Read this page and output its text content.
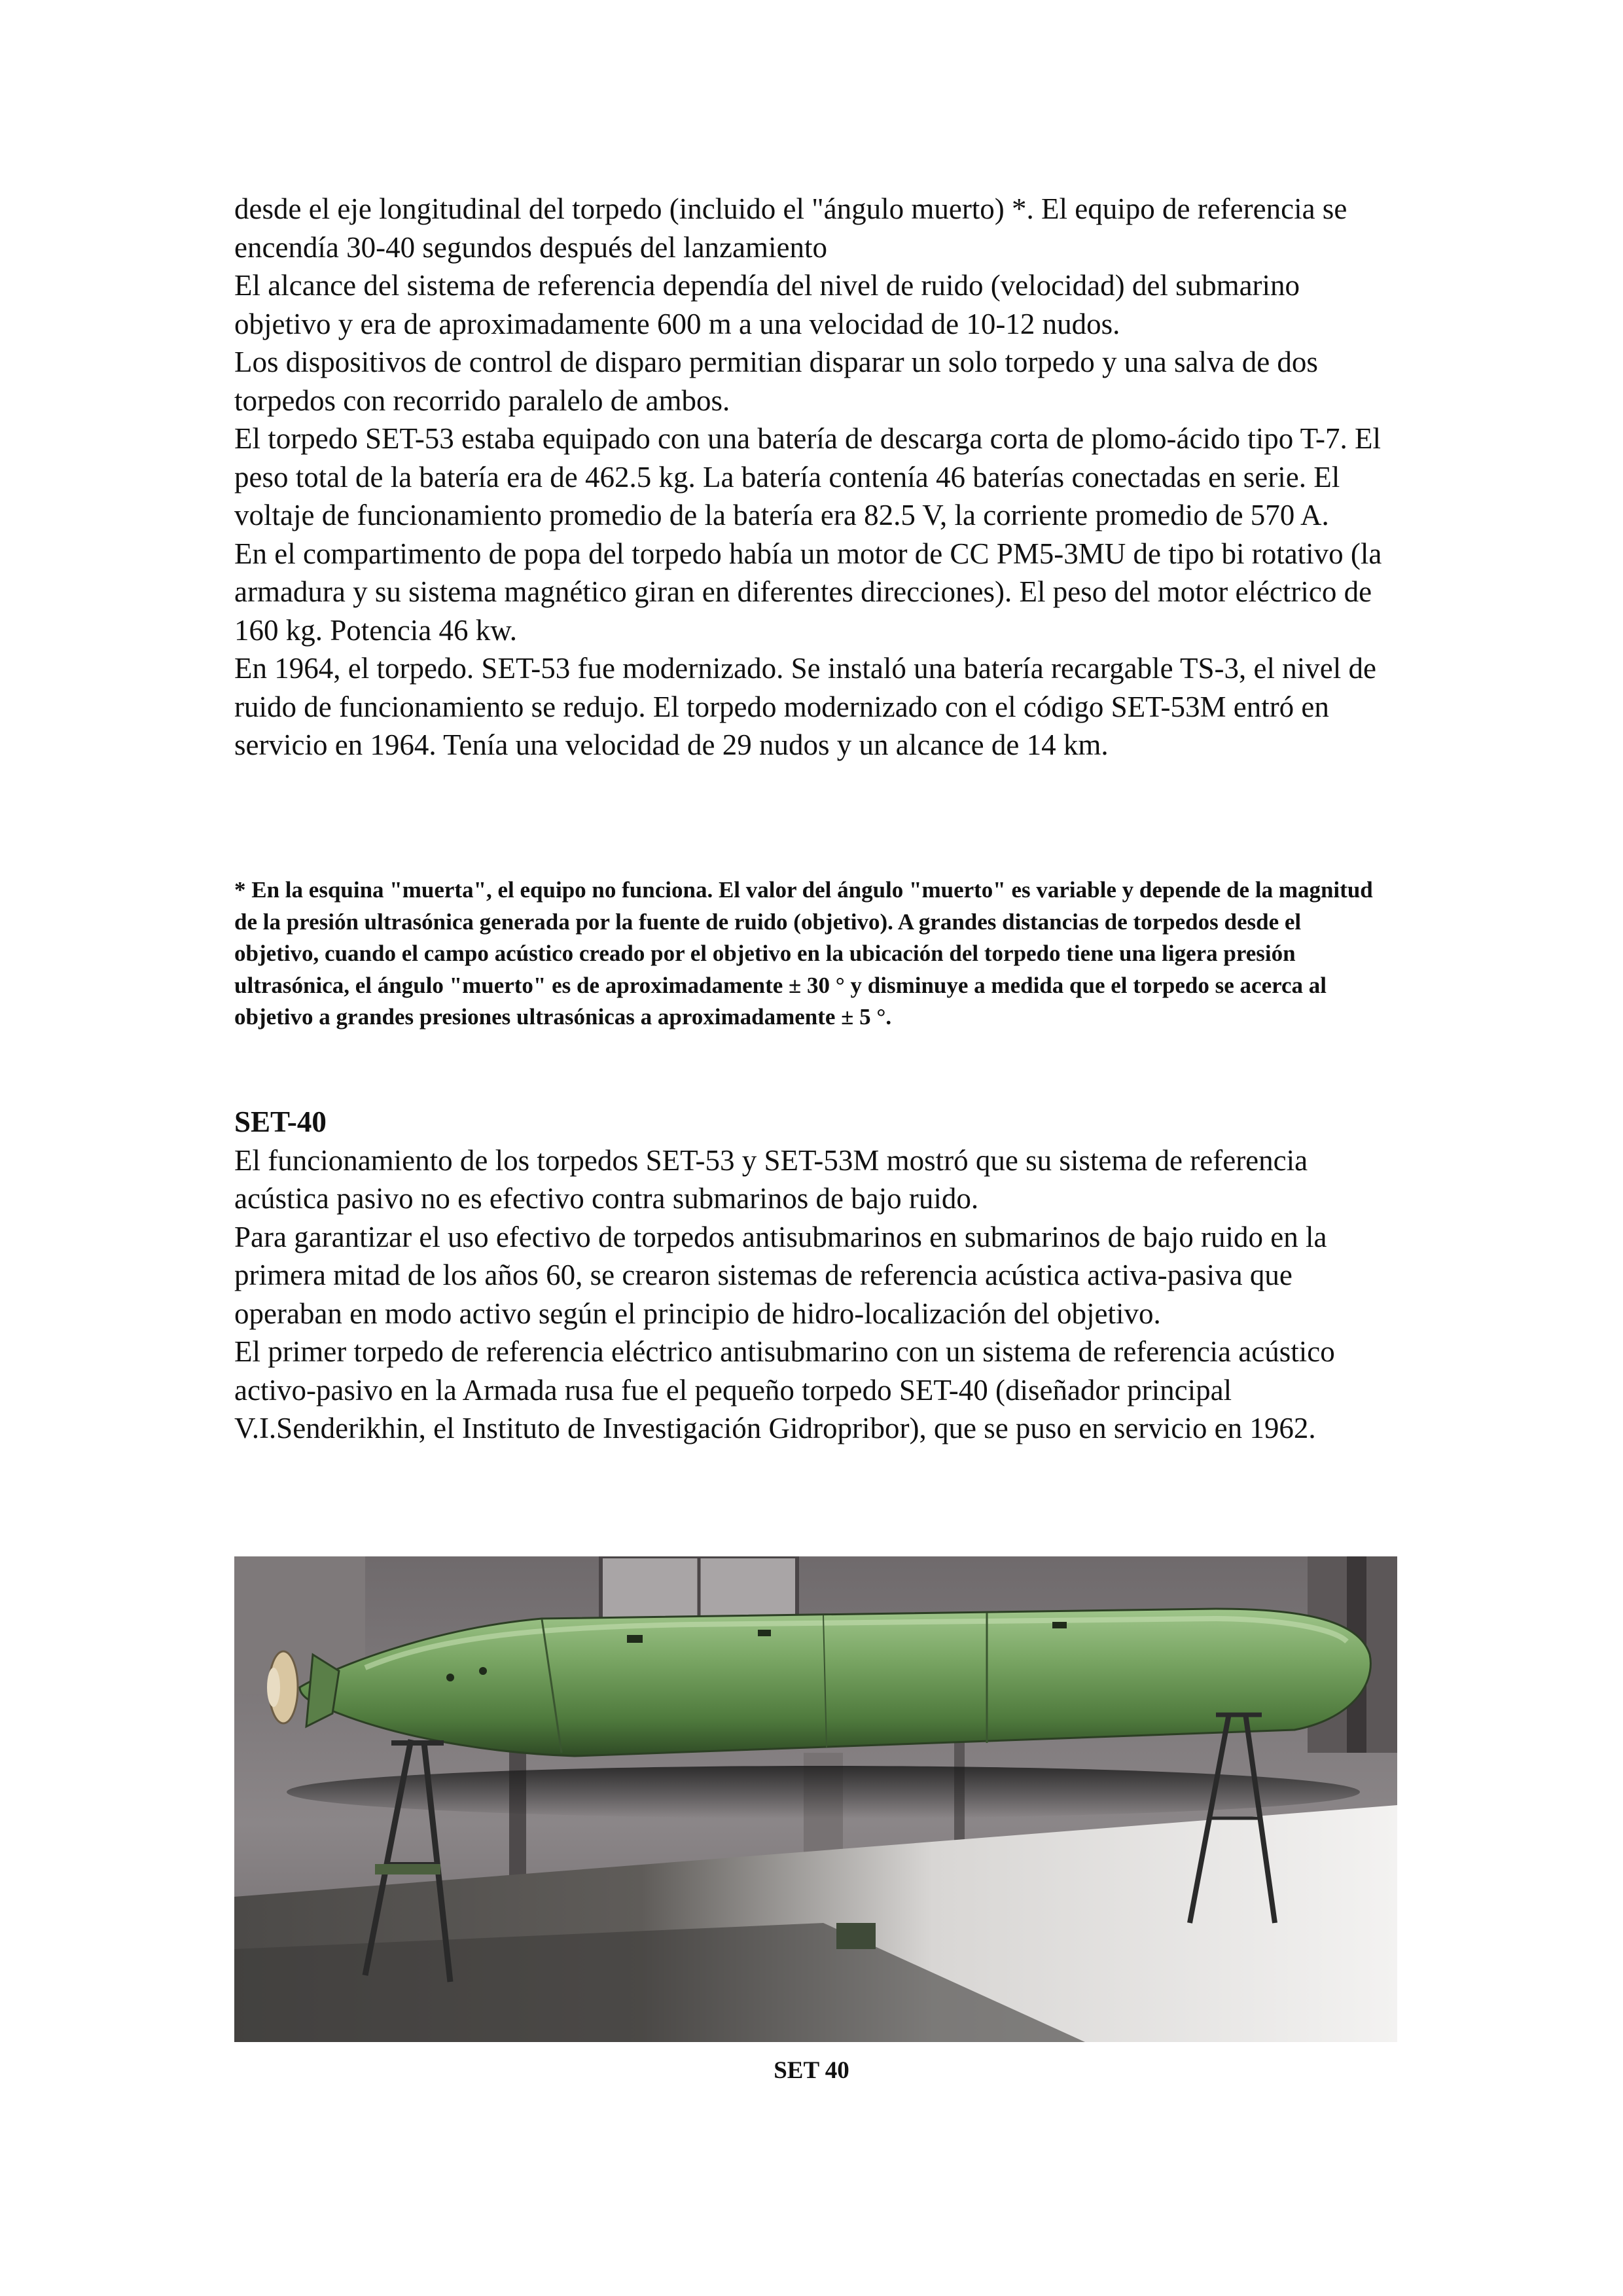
desde el eje longitudinal del torpedo (incluido el "ángulo muerto) *. El equipo de referencia se encendía 30-40 segundos después del lanzamiento

El alcance del sistema de referencia dependía del nivel de ruido (velocidad) del submarino objetivo y era de aproximadamente 600 m a una velocidad de 10-12 nudos.

Los dispositivos de control de disparo permitian disparar un solo torpedo y una salva de dos torpedos con recorrido paralelo de ambos.

El torpedo SET-53 estaba equipado con una batería de descarga corta de plomo-ácido tipo T-7. El peso total de la batería era de 462.5 kg. La batería contenía 46 baterías conectadas en serie. El voltaje de funcionamiento promedio de la batería era 82.5 V, la corriente promedio de 570 A.

En el compartimento de popa del torpedo había un motor de CC PM5-3MU de tipo bi rotativo (la armadura y su sistema magnético giran en diferentes direcciones). El peso del motor eléctrico de 160 kg. Potencia 46 kw.

En 1964, el torpedo. SET-53 fue modernizado. Se instaló una batería recargable TS-3, el nivel de ruido de funcionamiento se redujo. El torpedo modernizado con el código SET-53M entró en servicio en 1964. Tenía una velocidad de 29 nudos y un alcance de 14 km.

* En la esquina "muerta", el equipo no funciona. El valor del ángulo "muerto" es variable y depende de la magnitud de la presión ultrasónica generada por la fuente de ruido (objetivo). A grandes distancias de torpedos desde el objetivo, cuando el campo acústico creado por el objetivo en la ubicación del torpedo tiene una ligera presión ultrasónica, el ángulo "muerto" es de aproximadamente ± 30 ° y disminuye a medida que el torpedo se acerca al objetivo a grandes presiones ultrasónicas a aproximadamente ± 5 °.

SET-40

El funcionamiento de los torpedos SET-53 y SET-53M mostró que su sistema de referencia acústica pasivo no es efectivo contra submarinos de bajo ruido.

Para garantizar el uso efectivo de torpedos antisubmarinos en submarinos de bajo ruido en la primera mitad de los años 60, se crearon sistemas de referencia acústica activa-pasiva que operaban en modo activo según el principio de hidro-localización del objetivo.

El primer torpedo de referencia eléctrico antisubmarino con un sistema de referencia acústico activo-pasivo en la Armada rusa fue el pequeño torpedo SET-40 (diseñador principal V.I.Senderikhin, el Instituto de Investigación Gidropribor), que se puso en servicio en 1962.

SET 40
